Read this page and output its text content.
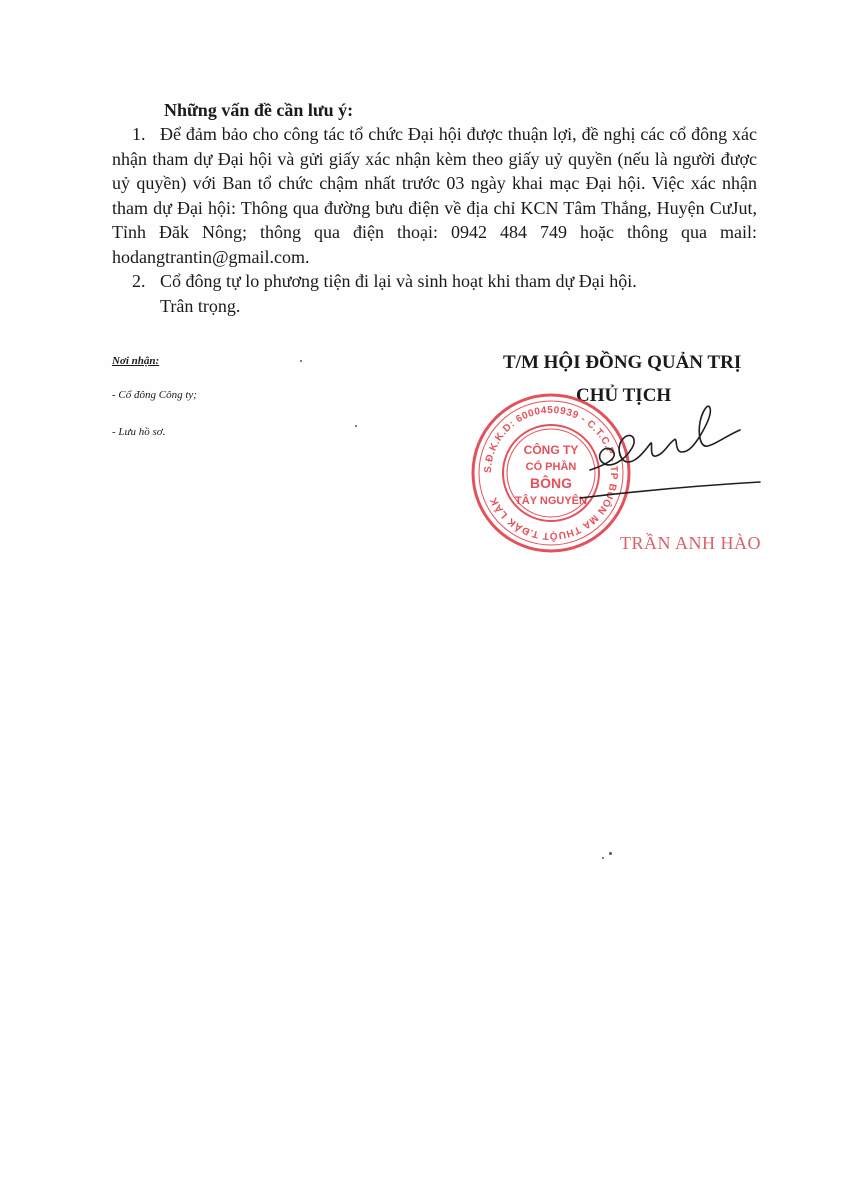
Những vấn đề cần lưu ý:
1. Để đảm bảo cho công tác tổ chức Đại hội được thuận lợi, đề nghị các cổ đông xác nhận tham dự Đại hội và gửi giấy xác nhận kèm theo giấy uỷ quyền (nếu là người được uỷ quyền) với Ban tổ chức chậm nhất trước 03 ngày khai mạc Đại hội. Việc xác nhận tham dự Đại hội: Thông qua đường bưu điện về địa chỉ KCN Tâm Thắng, Huyện CưJut, Tỉnh Đăk Nông; thông qua điện thoại: 0942 484 749 hoặc thông qua mail: hodangtrantin@gmail.com.
2. Cổ đông tự lo phương tiện đi lại và sinh hoạt khi tham dự Đại hội.
Trân trọng.
Nơi nhận:
- Cổ đông Công ty;
- Lưu hồ sơ.
T/M HỘI ĐỒNG QUẢN TRỊ
CHỦ TỊCH
S.Đ.K.K.D: 6000450939 - C.T.C.P - TP BUÔN MA THUỘT T.ĐẮK LẮK
CÔNG TY
CỔ PHẦN
BÔNG
TÂY NGUYÊN
TRẦN ANH HÀO
